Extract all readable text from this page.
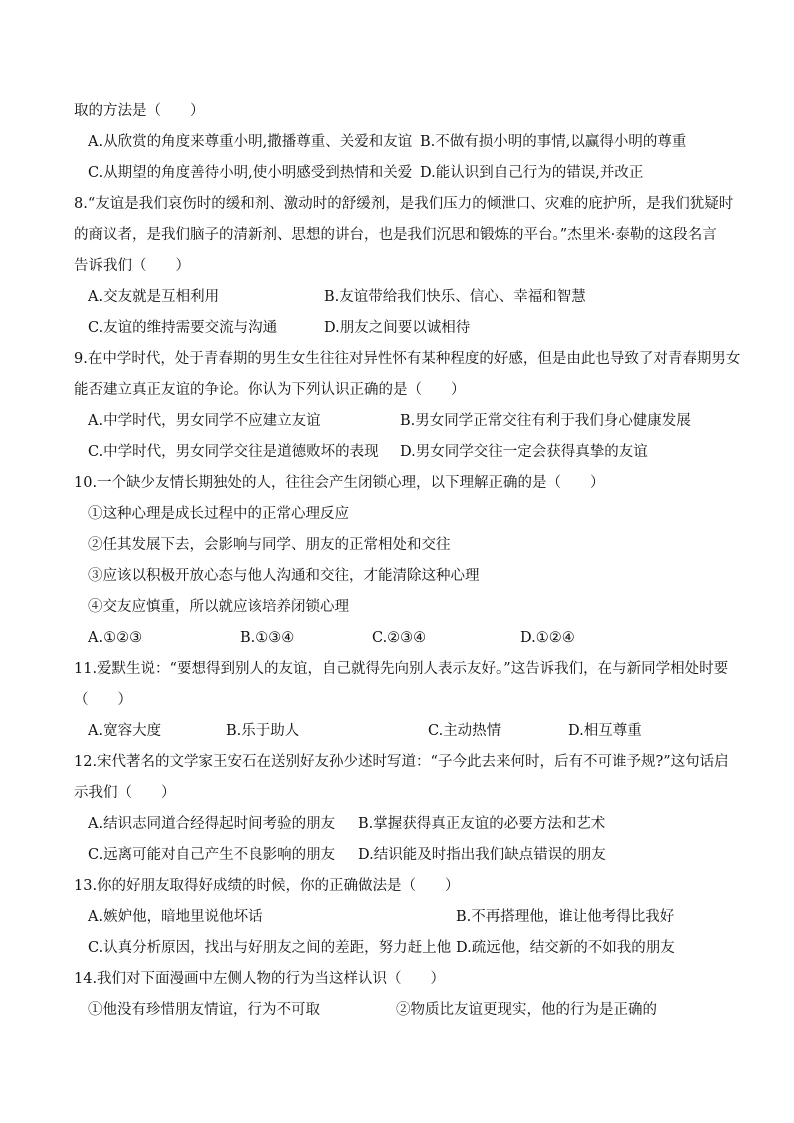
取的方法是（　　）
A.从欣赏的角度来尊重小明,撒播尊重、关爱和友谊 B.不做有损小明的事情,以赢得小明的尊重
C.从期望的角度善待小明,使小明感受到热情和关爱 D.能认识到自己行为的错误,并改正
8.“友谊是我们哀伤时的缓和剂、激动时的舒缓剂，是我们压力的倾泄口、灾难的庇护所，是我们犹疑时
的商议者，是我们脑子的清新剂、思想的讲台，也是我们沉思和锻炼的平台。”杰里米·泰勒的这段名言
告诉我们（　　）
A.交友就是互相利用	B.友谊带给我们快乐、信心、幸福和智慧
C.友谊的维持需要交流与沟通	D.朋友之间要以诚相待
9.在中学时代，处于青春期的男生女生往往对异性怀有某种程度的好感，但是由此也导致了对青春期男女
能否建立真正友谊的争论。你认为下列认识正确的是（　　）
A.中学时代，男女同学不应建立友谊	B.男女同学正常交往有利于我们身心健康发展
C.中学时代，男女同学交往是道德败坏的表现 D.男女同学交往一定会获得真挚的友谊
10.一个缺少友情长期独处的人，往往会产生闭锁心理，以下理解正确的是（　　）
①这种心理是成长过程中的正常心理反应
②任其发展下去，会影响与同学、朋友的正常相处和交往
③应该以积极开放心态与他人沟通和交往，才能清除这种心理
④交友应慎重，所以就应该培养闭锁心理
A.①②③	B.①③④	C.②③④	D.①②④
11.爱默生说：“要想得到别人的友谊，自己就得先向别人表示友好。”这告诉我们，在与新同学相处时要
（　　）
A.宽容大度	B.乐于助人	C.主动热情	D.相互尊重
12.宋代著名的文学家王安石在送别好友孙少述时写道：“子今此去来何时，后有不可谁予规?”这句话启
示我们（　　）
A.结识志同道合经得起时间考验的朋友 B.掌握获得真正友谊的必要方法和艺术
C.远离可能对自己产生不良影响的朋友 D.结识能及时指出我们缺点错误的朋友
13.你的好朋友取得好成绩的时候，你的正确做法是（　　）
A.嫉妒他，暗地里说他坏话	B.不再搭理他，谁让他考得比我好
C.认真分析原因，找出与好朋友之间的差距，努力赶上他 D.疏远他，结交新的不如我的朋友
14.我们对下面漫画中左侧人物的行为当这样认识（　　）
①他没有珍惜朋友情谊，行为不可取	②物质比友谊更现实，他的行为是正确的
